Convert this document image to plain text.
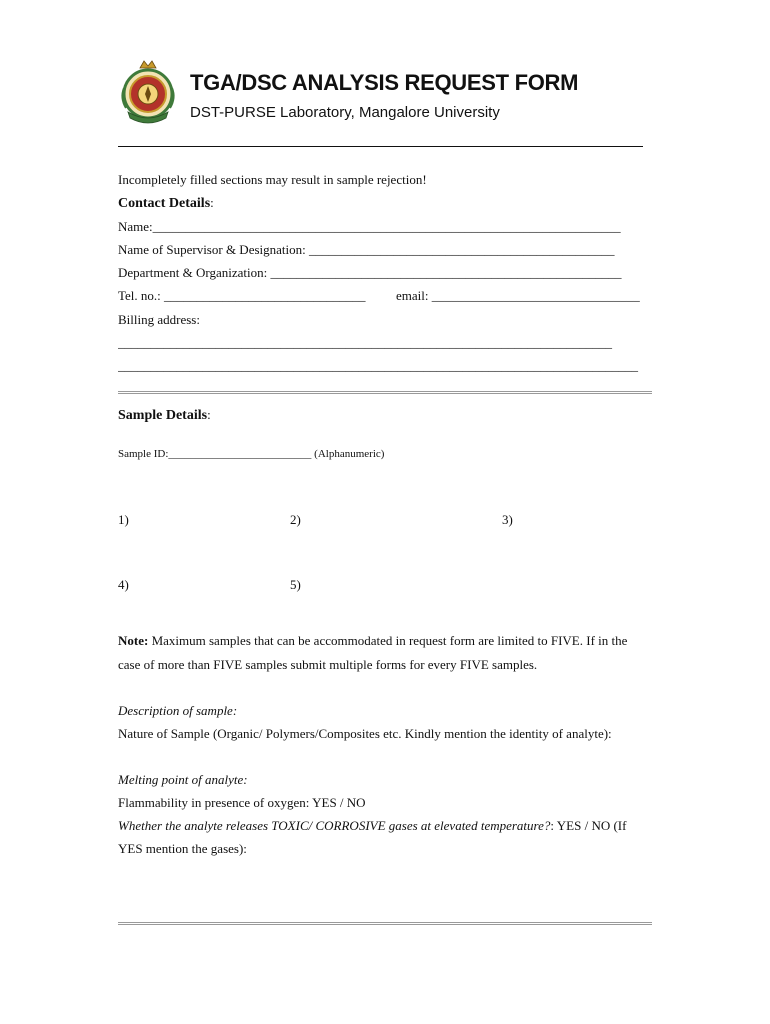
TGA/DSC ANALYSIS REQUEST FORM
DST-PURSE Laboratory, Mangalore University
Incompletely filled sections may result in sample rejection!
Contact Details:
Name:________________________________________________________________________
Name of Supervisor & Designation: _______________________________________________
Department & Organization: ______________________________________________________
Tel. no.: _______________________________ email: ________________________________
Billing address:
____________________________________________________________________________
________________________________________________________________________________
Sample Details:
Sample ID:__________________________ (Alphanumeric)
1)	2)	3)
4)	5)
Note: Maximum samples that can be accommodated in request form are limited to FIVE. If in the
case of more than FIVE samples submit multiple forms for every FIVE samples.
Description of sample:
Nature of Sample (Organic/ Polymers/Composites etc. Kindly mention the identity of analyte):
Melting point of analyte:
Flammability in presence of oxygen: YES / NO
Whether the analyte releases TOXIC/ CORROSIVE gases at elevated temperature?: YES / NO (If
YES mention the gases):
